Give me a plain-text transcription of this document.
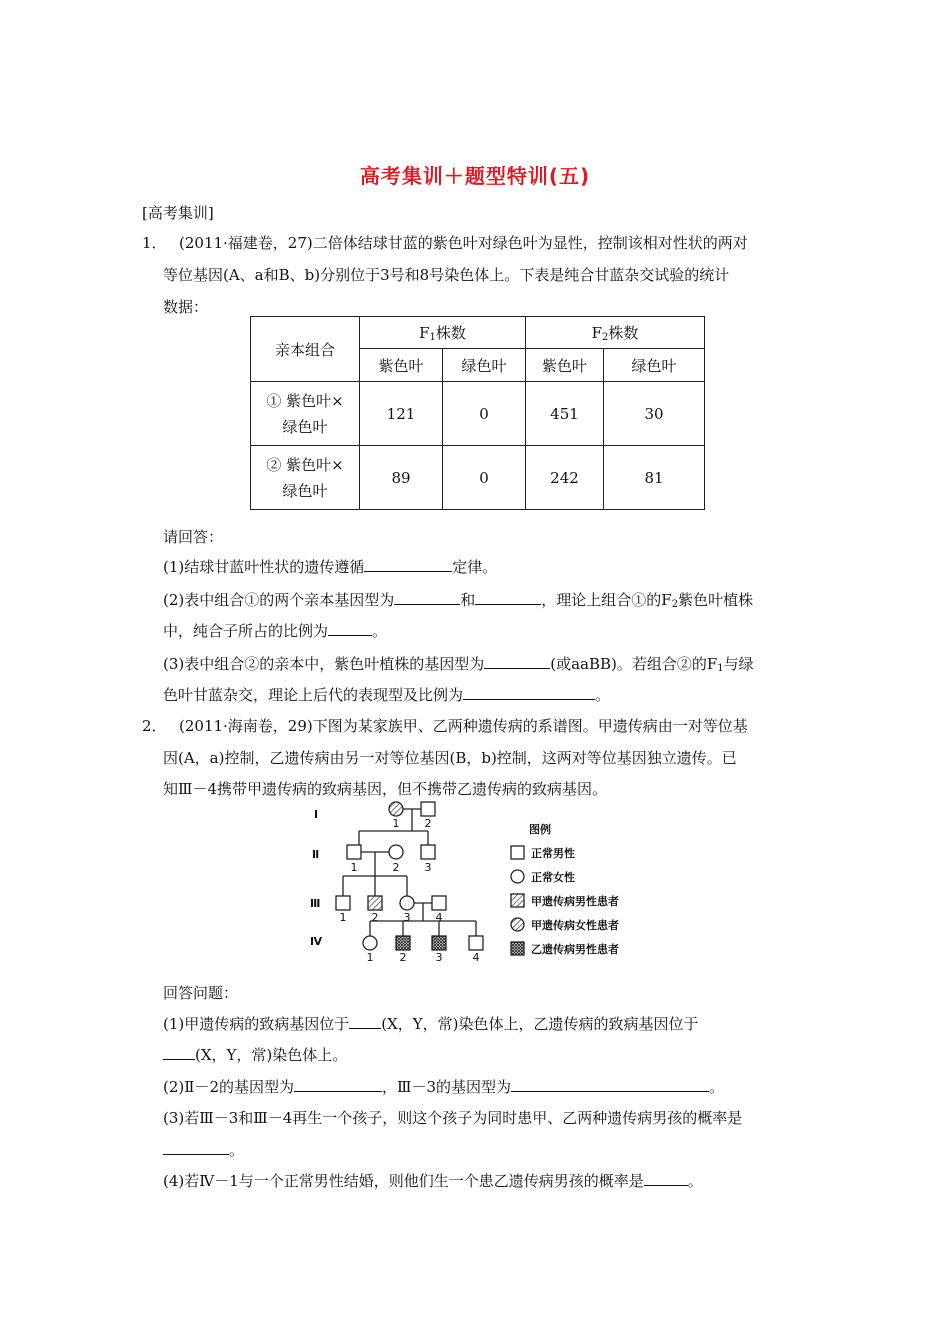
高考集训＋题型特训(五)
[高考集训]
1． (2011·福建卷，27)二倍体结球甘蓝的紫色叶对绿色叶为显性，控制该相对性状的两对
等位基因(A、a和B、b)分别位于3号和8号染色体上。下表是纯合甘蓝杂交试验的统计
数据：
亲本组合	$F_1$株数		$F_2$株数	
	紫色叶	绿色叶	紫色叶	绿色叶
① 紫色叶×
绿色叶	121	0	451	30
② 紫色叶×
绿色叶	89	0	242	81
请回答：
(1)结球甘蓝叶性状的遗传遵循	定律。
(2)表中组合①的两个亲本基因型为	和	，理论上组合①的$F_2$紫色叶植株
中，纯合子所占的比例为	。
(3)表中组合②的亲本中，紫色叶植株的基因型为	(或aaBB)。若组合②的$F_1$与绿
色叶甘蓝杂交，理论上后代的表现型及比例为	。
2． (2011·海南卷，29)下图为某家族甲、乙两种遗传病的系谱图。甲遗传病由一对等位基
因(A，a)控制，乙遗传病由另一对等位基因(B，b)控制，这两对等位基因独立遗传。已
知Ⅲ－4携带甲遗传病的致病基因，但不携带乙遗传病的致病基因。
Ⅰ
Ⅱ
Ⅲ
Ⅳ
1 2
1	2 3
1 2 3 4
1 2	3	4
图例
正常男性
正常女性
甲遗传病男性患者
甲遗传病女性患者
乙遗传病男性患者
回答问题：
(1)甲遗传病的致病基因位于 (X，Y，常)染色体上，乙遗传病的致病基因位于
(X，Y，常)染色体上。
(2)Ⅱ－2的基因型为	，Ⅲ－3的基因型为	。
(3)若Ⅲ－3和Ⅲ－4再生一个孩子，则这个孩子为同时患甲、乙两种遗传病男孩的概率是
。
(4)若Ⅳ－1与一个正常男性结婚，则他们生一个患乙遗传病男孩的概率是	。
